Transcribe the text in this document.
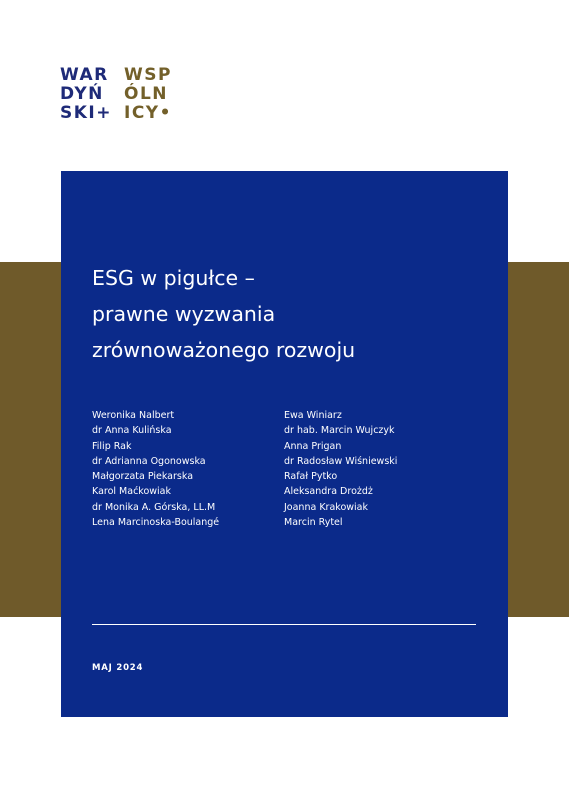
WAR
DYŃ
SKI+
WSP
ÓLN
ICY•
ESG w pigułce –
prawne wyzwania
zrównoważonego rozwoju
Weronika Nalbert
dr Anna Kulińska
Filip Rak
dr Adrianna Ogonowska
Małgorzata Piekarska
Karol Maćkowiak
dr Monika A. Górska, LL.M
Lena Marcinoska-Boulangé
Ewa Winiarz
dr hab. Marcin Wujczyk
Anna Prigan
dr Radosław Wiśniewski
Rafał Pytko
Aleksandra Drożdż
Joanna Krakowiak
Marcin Rytel
MAJ 2024
